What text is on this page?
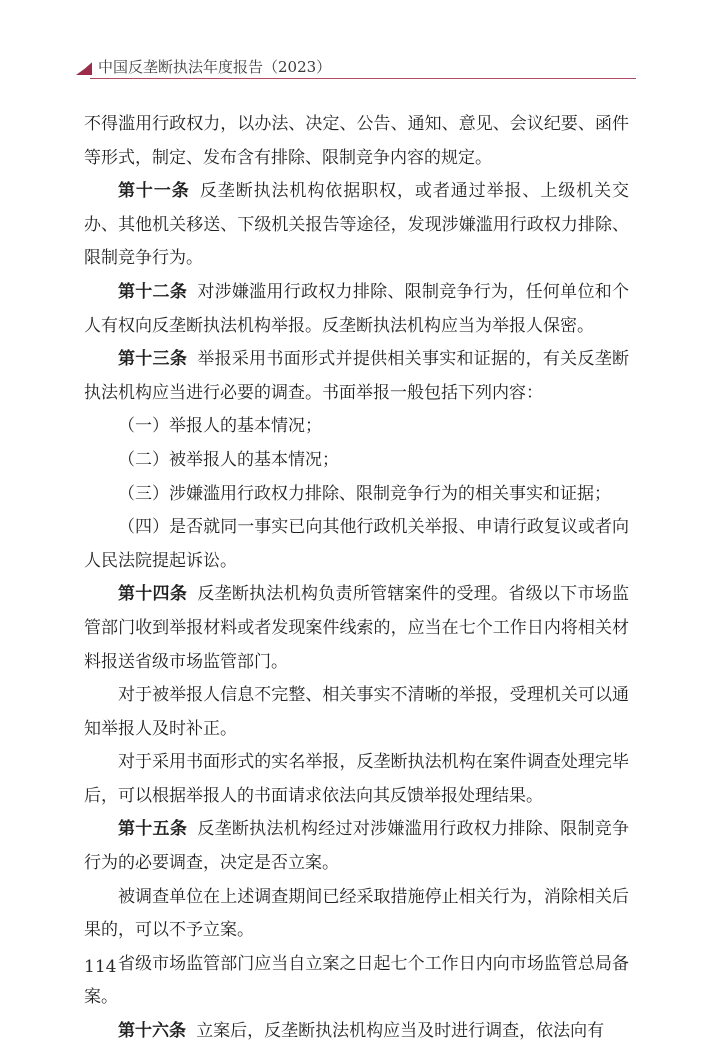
中国反垄断执法年度报告（2023）

不得滥用行政权力，以办法、决定、公告、通知、意见、会议纪要、函件等形式，制定、发布含有排除、限制竞争内容的规定。

第十一条 反垄断执法机构依据职权，或者通过举报、上级机关交办、其他机关移送、下级机关报告等途径，发现涉嫌滥用行政权力排除、限制竞争行为。

第十二条 对涉嫌滥用行政权力排除、限制竞争行为，任何单位和个人有权向反垄断执法机构举报。反垄断执法机构应当为举报人保密。

第十三条 举报采用书面形式并提供相关事实和证据的，有关反垄断执法机构应当进行必要的调查。书面举报一般包括下列内容：

（一）举报人的基本情况；

（二）被举报人的基本情况；

（三）涉嫌滥用行政权力排除、限制竞争行为的相关事实和证据；

（四）是否就同一事实已向其他行政机关举报、申请行政复议或者向人民法院提起诉讼。

第十四条 反垄断执法机构负责所管辖案件的受理。省级以下市场监管部门收到举报材料或者发现案件线索的，应当在七个工作日内将相关材料报送省级市场监管部门。

对于被举报人信息不完整、相关事实不清晰的举报，受理机关可以通知举报人及时补正。

对于采用书面形式的实名举报，反垄断执法机构在案件调查处理完毕后，可以根据举报人的书面请求依法向其反馈举报处理结果。

第十五条 反垄断执法机构经过对涉嫌滥用行政权力排除、限制竞争行为的必要调查，决定是否立案。

被调查单位在上述调查期间已经采取措施停止相关行为，消除相关后果的，可以不予立案。

省级市场监管部门应当自立案之日起七个工作日内向市场监管总局备案。

第十六条 立案后，反垄断执法机构应当及时进行调查，依法向有

114
